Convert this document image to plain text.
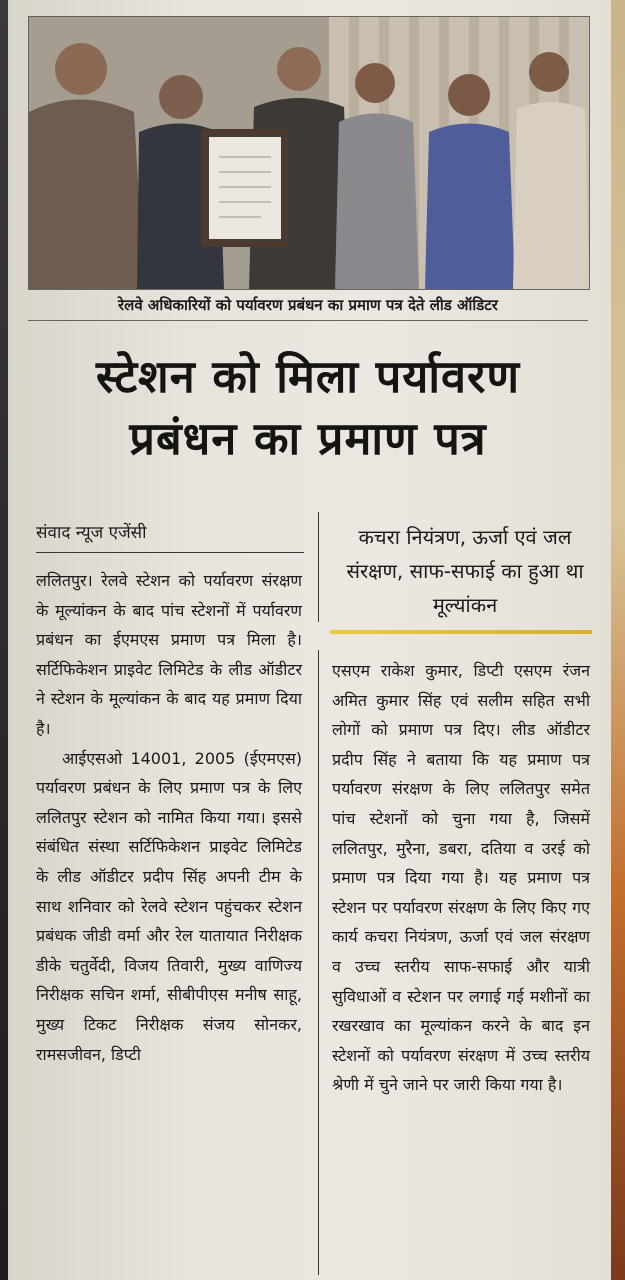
रेलवे अधिकारियों को पर्यावरण प्रबंधन का प्रमाण पत्र देते लीड ऑडिटर
स्टेशन को मिला पर्यावरण
प्रबंधन का प्रमाण पत्र
संवाद न्यूज एजेंसी	कचरा नियंत्रण, ऊर्जा एवं जल संरक्षण, साफ-सफाई का हुआ था मूल्यांकन

ललितपुर। रेलवे स्टेशन को पर्यावरण संरक्षण के मूल्यांकन के बाद पांच स्टेशनों में पर्यावरण प्रबंधन का ईएमएस प्रमाण पत्र मिला है। सर्टिफिकेशन प्राइवेट लिमिटेड के लीड ऑडीटर ने स्टेशन के मूल्यांकन के बाद यह प्रमाण दिया है।

आईएसओ 14001, 2005 (ईएमएस) पर्यावरण प्रबंधन के लिए प्रमाण पत्र के लिए ललितपुर स्टेशन को नामित किया गया। इससे संबंधित संस्था सर्टिफिकेशन प्राइवेट लिमिटेड के लीड ऑडीटर प्रदीप सिंह अपनी टीम के साथ शनिवार को रेलवे स्टेशन पहुंचकर स्टेशन प्रबंधक जीडी वर्मा और रेल यातायात निरीक्षक डीके चतुर्वेदी, विजय तिवारी, मुख्य वाणिज्य निरीक्षक सचिन शर्मा, सीबीपीएस मनीष साहू, मुख्य टिकट निरीक्षक संजय सोनकर, रामसजीवन, डिप्टी

एसएम राकेश कुमार, डिप्टी एसएम रंजन अमित कुमार सिंह एवं सलीम सहित सभी लोगों को प्रमाण पत्र दिए। लीड ऑडीटर प्रदीप सिंह ने बताया कि यह प्रमाण पत्र पर्यावरण संरक्षण के लिए ललितपुर समेत पांच स्टेशनों को चुना गया है, जिसमें ललितपुर, मुरैना, डबरा, दतिया व उरई को प्रमाण पत्र दिया गया है। यह प्रमाण पत्र स्टेशन पर पर्यावरण संरक्षण के लिए किए गए कार्य कचरा नियंत्रण, ऊर्जा एवं जल संरक्षण व उच्च स्तरीय साफ-सफाई और यात्री सुविधाओं व स्टेशन पर लगाई गई मशीनों का रखरखाव का मूल्यांकन करने के बाद इन स्टेशनों को पर्यावरण संरक्षण में उच्च स्तरीय श्रेणी में चुने जाने पर जारी किया गया है।
